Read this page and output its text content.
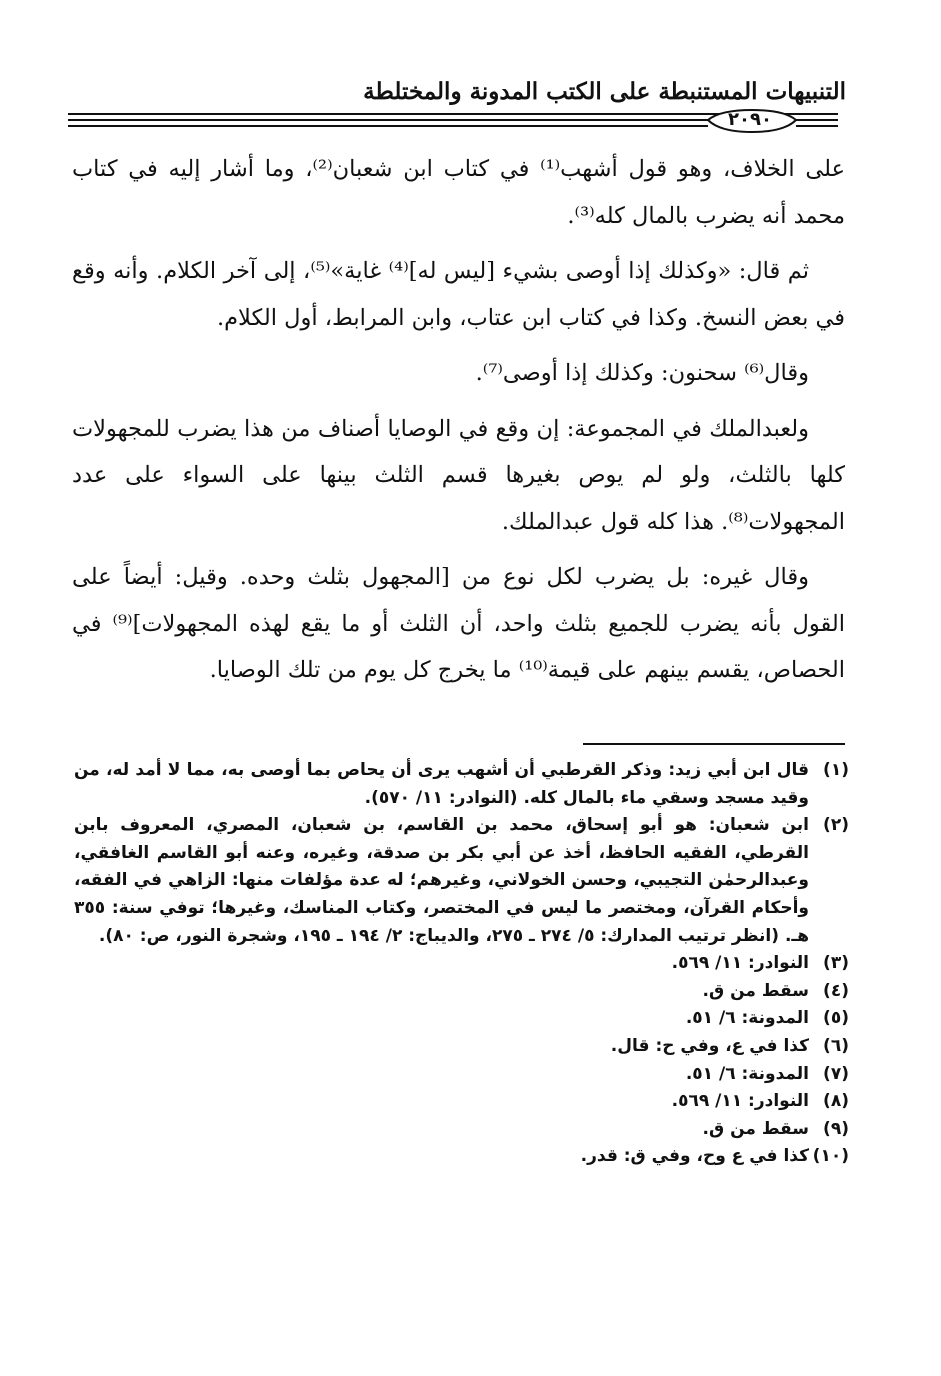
التنبيهات المستنبطة على الكتب المدونة والمختلطة
٢٠٩٠

على الخلاف، وهو قول أشهب⁽¹⁾ في كتاب ابن شعبان⁽²⁾، وما أشار إليه في كتاب محمد أنه يضرب بالمال كله⁽³⁾.

ثم قال: «وكذلك إذا أوصى بشيء [ليس له]⁽⁴⁾ غاية»⁽⁵⁾، إلى آخر الكلام. وأنه وقع في بعض النسخ. وكذا في كتاب ابن عتاب، وابن المرابط، أول الكلام.

وقال⁽⁶⁾ سحنون: وكذلك إذا أوصى⁽⁷⁾.

ولعبدالملك في المجموعة: إن وقع في الوصايا أصناف من هذا يضرب للمجهولات كلها بالثلث، ولو لم يوص بغيرها قسم الثلث بينها على السواء على عدد المجهولات⁽⁸⁾. هذا كله قول عبدالملك.

وقال غيره: بل يضرب لكل نوع من [المجهول بثلث وحده. وقيل: أيضاً على القول بأنه يضرب للجميع بثلث واحد، أن الثلث أو ما يقع لهذه المجهولات]⁽⁹⁾ في الحصاص، يقسم بينهم على قيمة⁽¹⁰⁾ ما يخرج كل يوم من تلك الوصايا.

(١)
قال ابن أبي زيد: وذكر القرطبي أن أشهب يرى أن يحاص بما أوصى به، مما لا أمد له، من وقيد مسجد وسقي ماء بالمال كله. (النوادر: ١١/ ٥٧٠).
(٢)
ابن شعبان: هو أبو إسحاق، محمد بن القاسم، بن شعبان، المصري، المعروف بابن القرطي، الفقيه الحافظ، أخذ عن أبي بكر بن صدقة، وغيره، وعنه أبو القاسم الغافقي، وعبدالرحمٰن التجيبي، وحسن الخولاني، وغيرهم؛ له عدة مؤلفات منها: الزاهي في الفقه، وأحكام القرآن، ومختصر ما ليس في المختصر، وكتاب المناسك، وغيرها؛ توفي سنة: ٣٥٥ هـ. (انظر ترتيب المدارك: ٥/ ٢٧٤ ـ ٢٧٥، والديباج: ٢/ ١٩٤ ـ ١٩٥، وشجرة النور، ص: ٨٠).
(٣)
النوادر: ١١/ ٥٦٩.
(٤)
سقط من ق.
(٥)
المدونة: ٦/ ٥١.
(٦)
كذا في ع، وفي ح: قال.
(٧)
المدونة: ٦/ ٥١.
(٨)
النوادر: ١١/ ٥٦٩.
(٩)
سقط من ق.
(١٠)
كذا في ع وح، وفي ق: قدر.
